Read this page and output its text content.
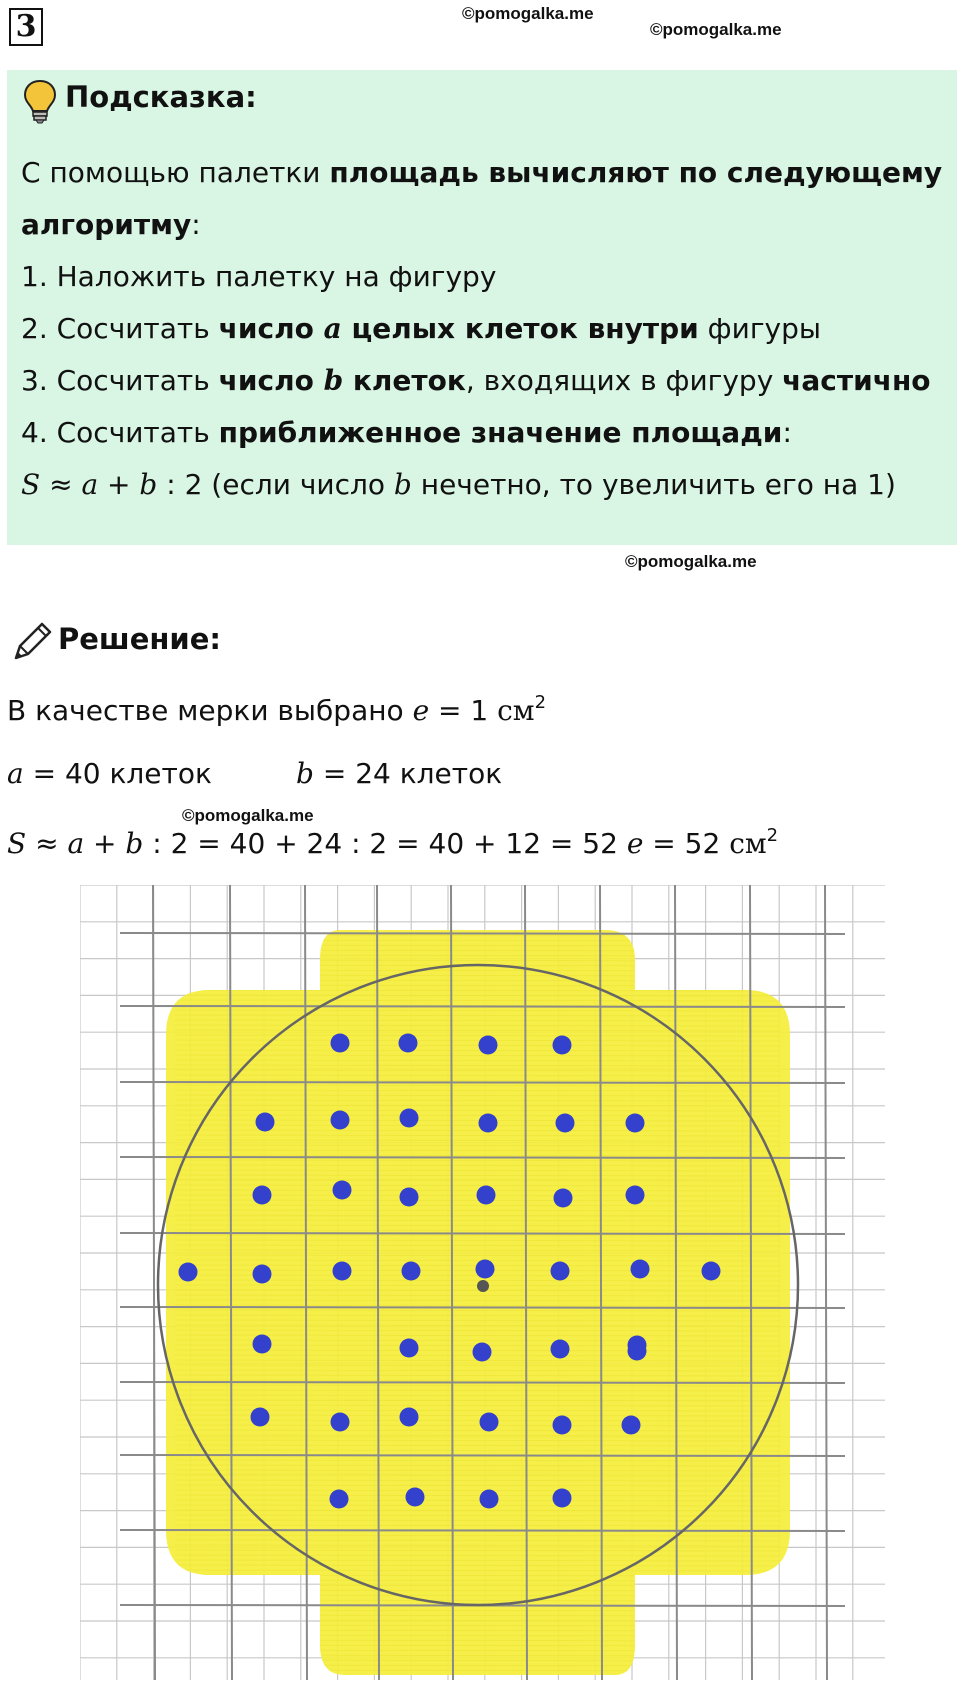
3	©pomogalka.me
©pomogalka.me
Подсказка:
С помощью палетки площадь вычисляют по следующему алгоритму:
1. Наложить палетку на фигуру
2. Сосчитать число a целых клеток внутри фигуры
3. Сосчитать число b клеток, входящих в фигуру частично
4. Сосчитать приближенное значение площади:
S ≈ a + b : 2 (если число b нечетно, то увеличить его на 1)
©pomogalka.me
Решение:
В качестве мерки выбрано e = 1 $см^2$
a = 40 клеток	b = 24 клеток
©pomogalka.me
S ≈ a + b : 2 = 40 + 24 : 2 = 40 + 12 = 52 e = 52 $см^2$
